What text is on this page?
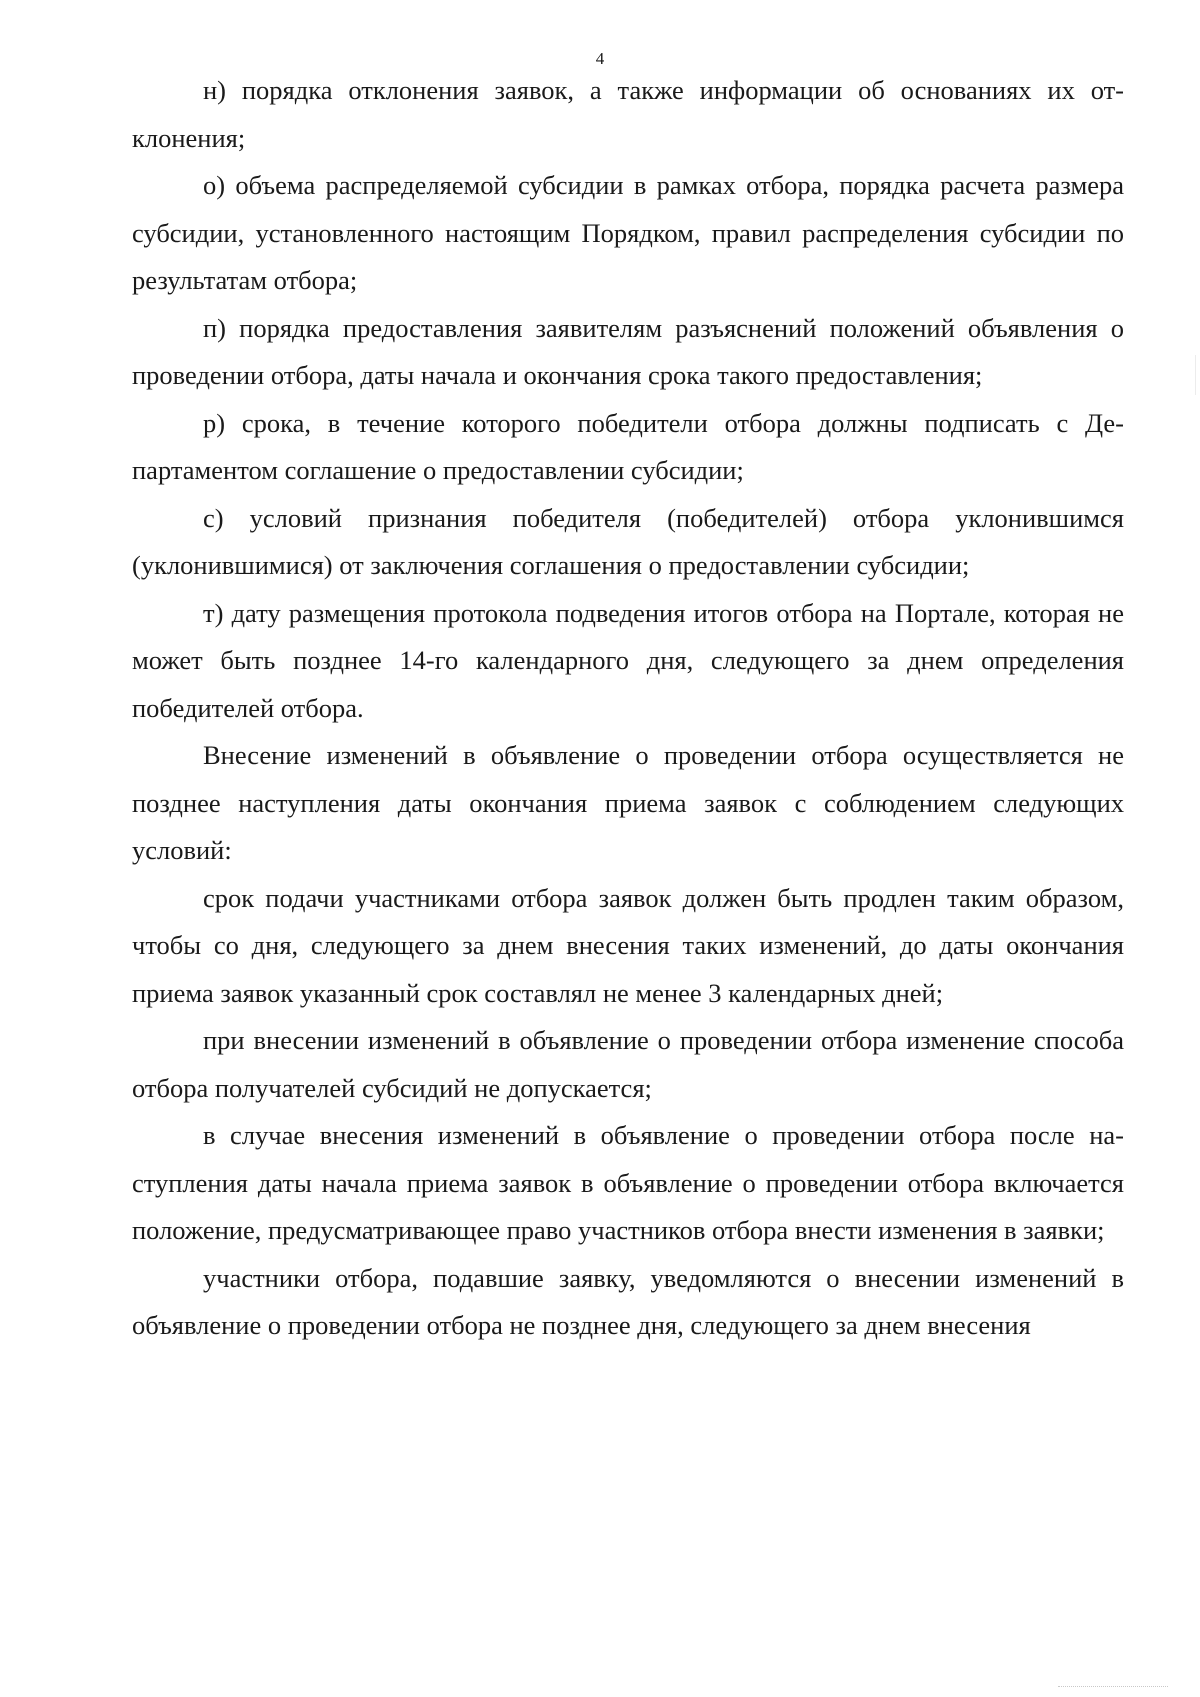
4

н) порядка отклонения заявок, а также информации об основаниях их отклонения;

о) объема распределяемой субсидии в рамках отбора, порядка расчета размера субсидии, установленного настоящим Порядком, правил распределения субсидии по результатам отбора;

п) порядка предоставления заявителям разъяснений положений объявления о проведении отбора, даты начала и окончания срока такого предоставления;

р) срока, в течение которого победители отбора должны подписать с Департаментом соглашение о предоставлении субсидии;

с) условий признания победителя (победителей) отбора уклонившимся (уклонившимися) от заключения соглашения о предоставлении субсидии;

т) дату размещения протокола подведения итогов отбора на Портале, которая не может быть позднее 14-го календарного дня, следующего за днем определения победителей отбора.

Внесение изменений в объявление о проведении отбора осуществляется не позднее наступления даты окончания приема заявок с соблюдением следующих условий:

срок подачи участниками отбора заявок должен быть продлен таким образом, чтобы со дня, следующего за днем внесения таких изменений, до даты окончания приема заявок указанный срок составлял не менее 3 календарных дней;

при внесении изменений в объявление о проведении отбора изменение способа отбора получателей субсидий не допускается;

в случае внесения изменений в объявление о проведении отбора после наступления даты начала приема заявок в объявление о проведении отбора включается положение, предусматривающее право участников отбора внести изменения в заявки;

участники отбора, подавшие заявку, уведомляются о внесении изменений в объявление о проведении отбора не позднее дня, следующего за днем внесения
